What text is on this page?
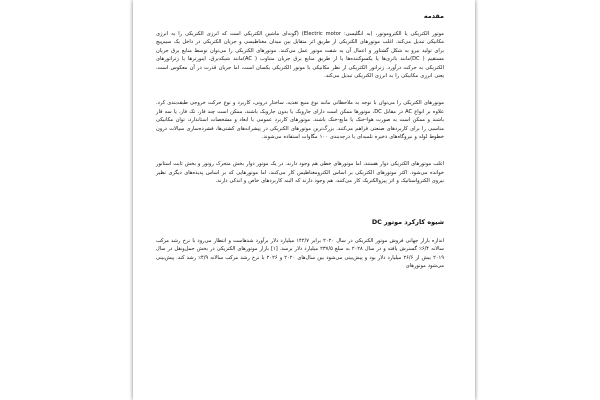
مقدمه

موتور الکتریکی یا الکتروموتور، (به انگلیسی: Electric motor) (گونه‌ای ماشین الکتریکی است که انرژی الکتریکی را به انرژی مکانیکی تبدیل می‌کند. اغلب موتورهای الکتریکی از طریق اثر متقابل بین میدان مغناطیسی و جریان الکتریکی در داخل یک سیم‌پیچ برای تولید نیرو به شکل گشتاور و اعمال آن به شفت موتور عمل می‌کنند. موتورهای الکتریکی را می‌توان توسط منابع برق جریان مستقیم ( DC)مانند باتری‌ها یا یکسوکننده‌ها یا از طریق منابع برق جریان متناوب ( AC)مانند شبکه‌برق، اینورترها یا ژنراتورهای الکتریکی به حرکت درآورد. ژنراتور الکتریکی از نظر مکانیکی با موتور الکتریکی یکسان است، اما جریان قدرت در آن معکوس است، یعنی انرژی مکانیکی را به انرژی الکتریکی تبدیل می‌کند.

موتورهای الکتریکی را می‌توان با توجه به ملاحظاتی مانند نوع منبع تغذیه، ساختار درونی، کاربرد و نوع حرکت خروجی طبقه‌بندی کرد. علاوه بر انواع AC در مقابل DC، موتورها ممکن است دارای جاروبک یا بدون جاروبک باشند، ممکن است چند فاز، تک فاز، یا سه فاز باشند و ممکن است به صورت هوا-خنک یا مایع-خنک باشند. موتورهای کاربرد عمومی با ابعاد و مشخصات استاندارد، توان مکانیکی مناسبی را برای کاربردهای صنعتی فراهم می‌کنند. بزرگ‌ترین موتورهای الکتریکی در پیشرانه‌های کشتی‌ها، فشرده‌سازی سیالات درون خطوط لوله و نیروگاه‌های ذخیره تلمبه‌ای با درجه‌بندی ۱۰۰ مگاوات استفاده می‌شوند.

اغلب موتورهای الکتریکی دوار هستند، اما موتورهای خطی هم وجود دارند. در یک موتور دوار بخش متحرک روتور و بخش ثابت استاتور خوانده می‌شود. اکثر موتورهای الکتریکی بر اساس الکترومغناطیس کار می‌کنند، اما موتورهایی که بر اساس پدیده‌های دیگری نظیر نیروی الکترواستاتیک و اثر پیزوالکتریک کار می‌کنند، هم وجود دارند که البته کاربردهای خاص و اندکی دارند.

شیوه کارکرد موتور DC

اندازه بازار جهانی فروش موتور الکتریکی در سال ۲۰۲۰ برابر ۱۴۲/۷ میلیارد دلار برآورد شدهاست و انتظار می‌رود با نرخ رشد مرکب سالانه ۶/۴٪ گسترش یافته و در سال ۲۰۲۸ به مبلغ ۲۳۷/۵ میلیارد دلار برسد. [۱] بازار موتورهای الکتریکی در بخش حمل‌ونقل در سال ۲۰۱۹ بیش از ۲۶/۶ میلیارد دلار بود و پیش‌بینی می‌شود بین سال‌های ۲۰۲۰ و ۲۰۲۶ با نرخ رشد مرکب سالانه ۴/۹٪ رشد کند. پیش‌بینی می‌شود موتورهای
